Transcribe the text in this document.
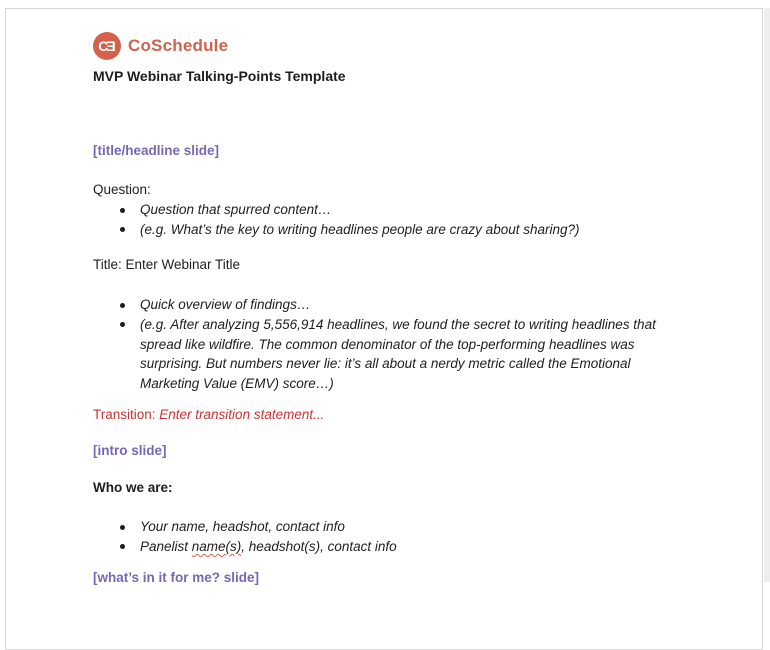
CƎ CoSchedule
MVP Webinar Talking-Points Template
[title/headline slide]
Question:
Question that spurred content…
(e.g. What’s the key to writing headlines people are crazy about sharing?)
Title: Enter Webinar Title
Quick overview of findings…
(e.g. After analyzing 5,556,914 headlines, we found the secret to writing headlines that spread like wildfire. The common denominator of the top-performing headlines was surprising. But numbers never lie: it’s all about a nerdy metric called the Emotional Marketing Value (EMV) score…)
Transition: Enter transition statement...
[intro slide]
Who we are:
Your name, headshot, contact info
Panelist name(s), headshot(s), contact info
[what’s in it for me? slide]
